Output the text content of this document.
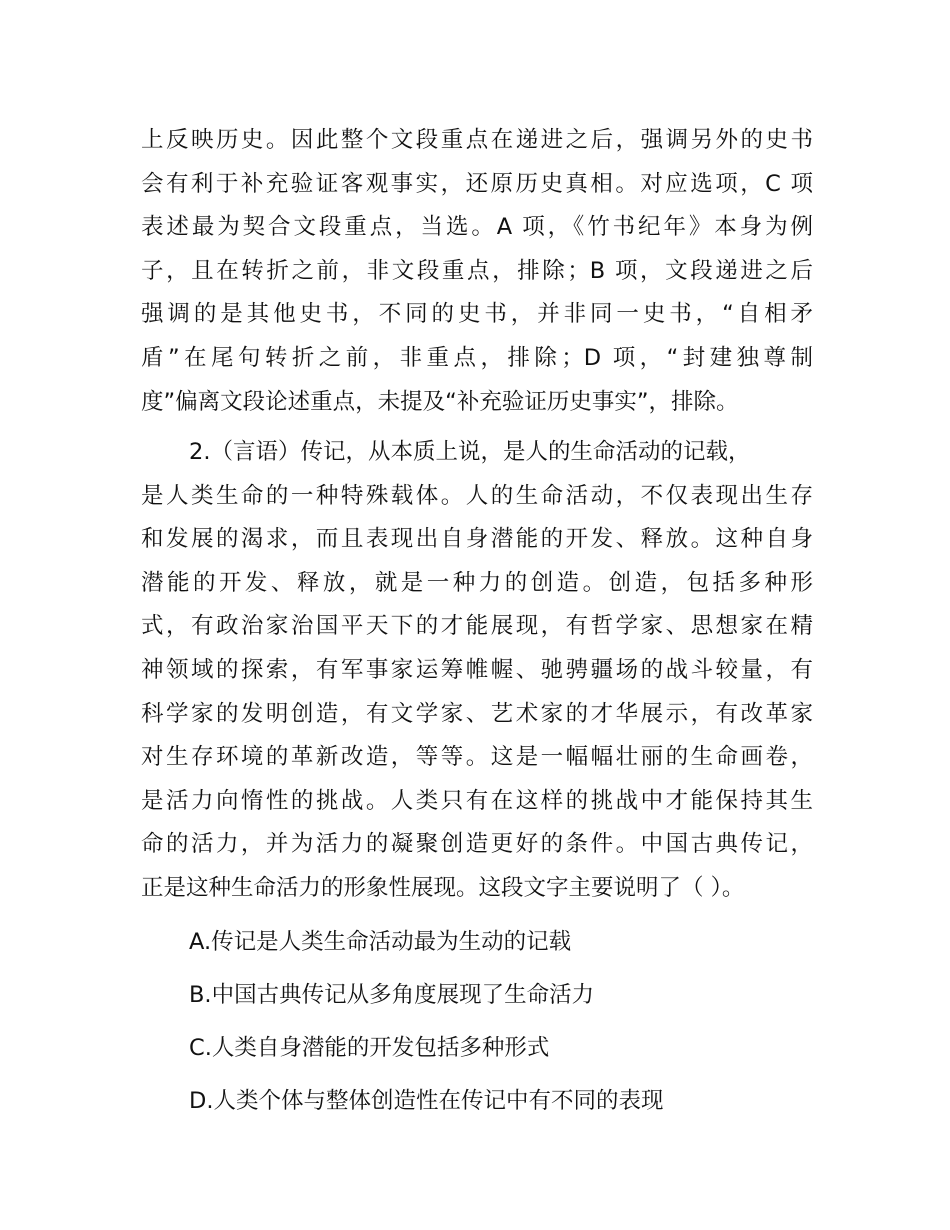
上反映历史。因此整个文段重点在递进之后，强调另外的史书
会有利于补充验证客观事实，还原历史真相。对应选项，C 项
表述最为契合文段重点，当选。A 项，《竹书纪年》本身为例
子，且在转折之前，非文段重点，排除；B 项，文段递进之后
强调的是其他史书，不同的史书，并非同一史书，“自相矛
盾”在尾句转折之前，非重点，排除；D 项，“封建独尊制
度”偏离文段论述重点，未提及“补充验证历史事实”，排除。
2.（言语）传记，从本质上说，是人的生命活动的记载，
是人类生命的一种特殊载体。人的生命活动，不仅表现出生存
和发展的渴求，而且表现出自身潜能的开发、释放。这种自身
潜能的开发、释放，就是一种力的创造。创造，包括多种形
式，有政治家治国平天下的才能展现，有哲学家、思想家在精
神领域的探索，有军事家运筹帷幄、驰骋疆场的战斗较量，有
科学家的发明创造，有文学家、艺术家的才华展示，有改革家
对生存环境的革新改造，等等。这是一幅幅壮丽的生命画卷，
是活力向惰性的挑战。人类只有在这样的挑战中才能保持其生
命的活力，并为活力的凝聚创造更好的条件。中国古典传记，
正是这种生命活力的形象性展现。这段文字主要说明了（ ）。
A.传记是人类生命活动最为生动的记载
B.中国古典传记从多角度展现了生命活力
C.人类自身潜能的开发包括多种形式
D.人类个体与整体创造性在传记中有不同的表现
